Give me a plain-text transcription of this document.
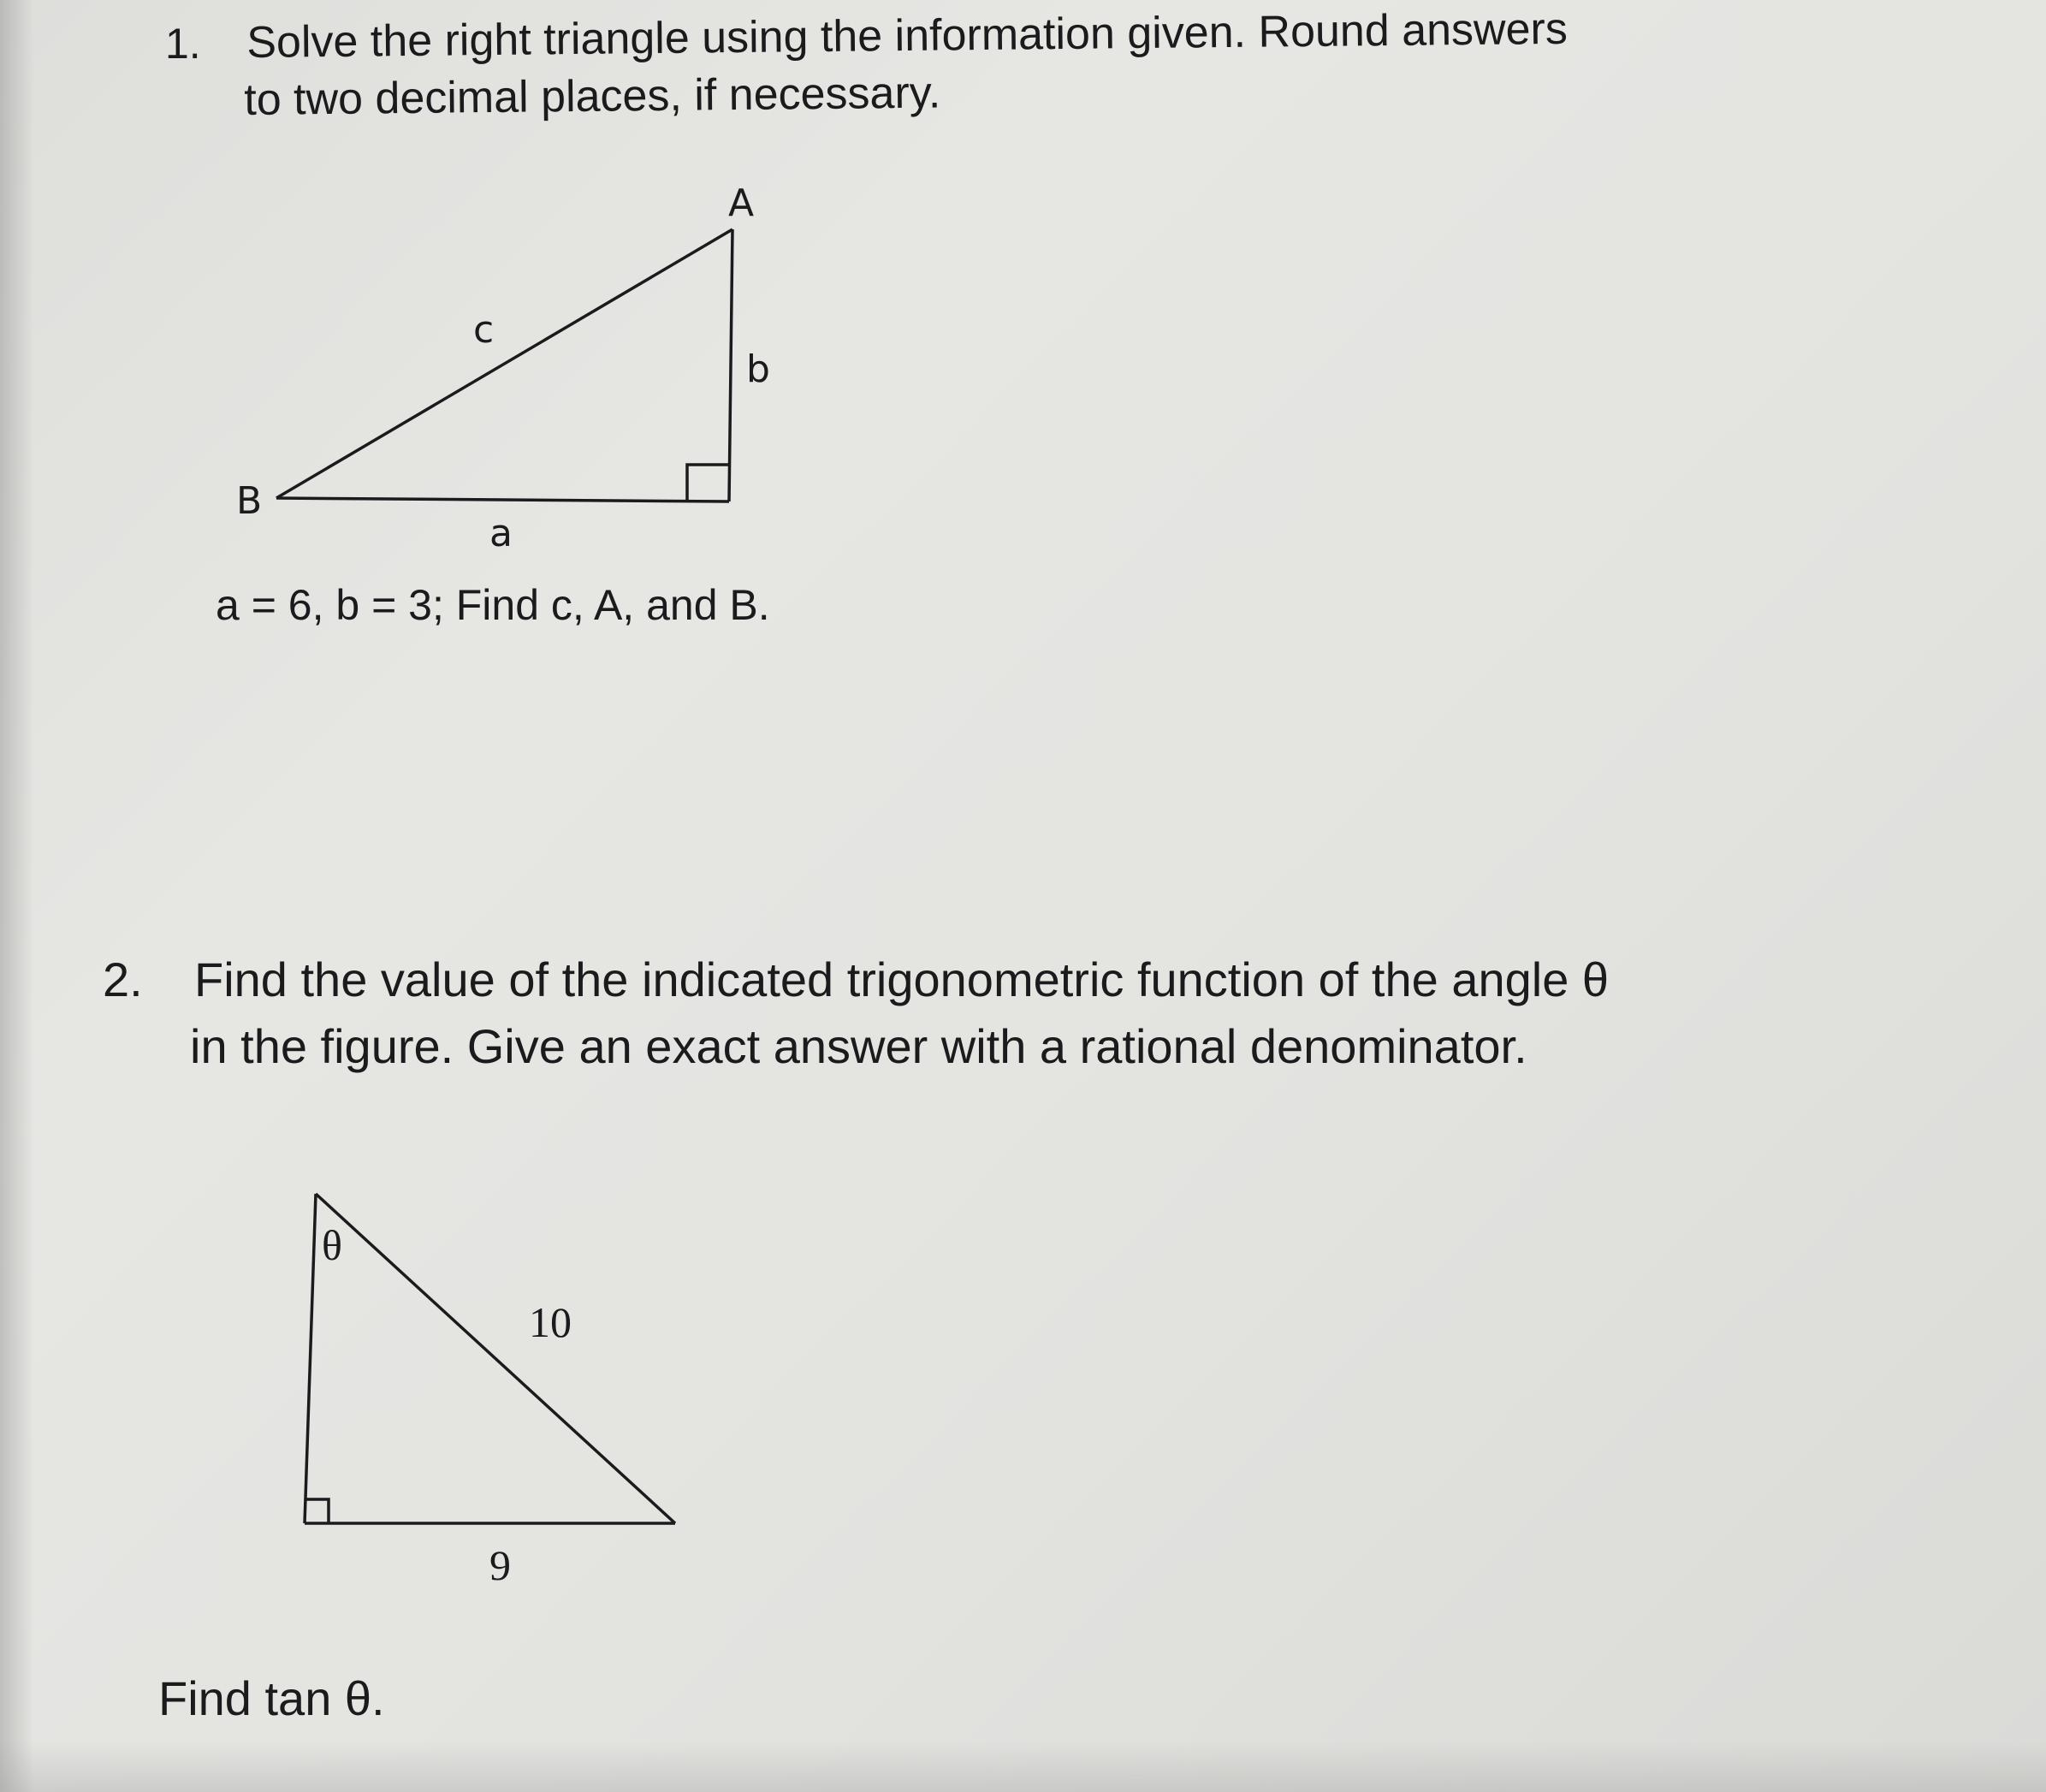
1. Solve the right triangle using the information given. Round answers
to two decimal places, if necessary.
A
B
c
b
a
θ
10
9
a = 6, b = 3; Find c, A, and B.
2. Find the value of the indicated trigonometric function of the angle θ
in the figure. Give an exact answer with a rational denominator.
Find tan θ.
